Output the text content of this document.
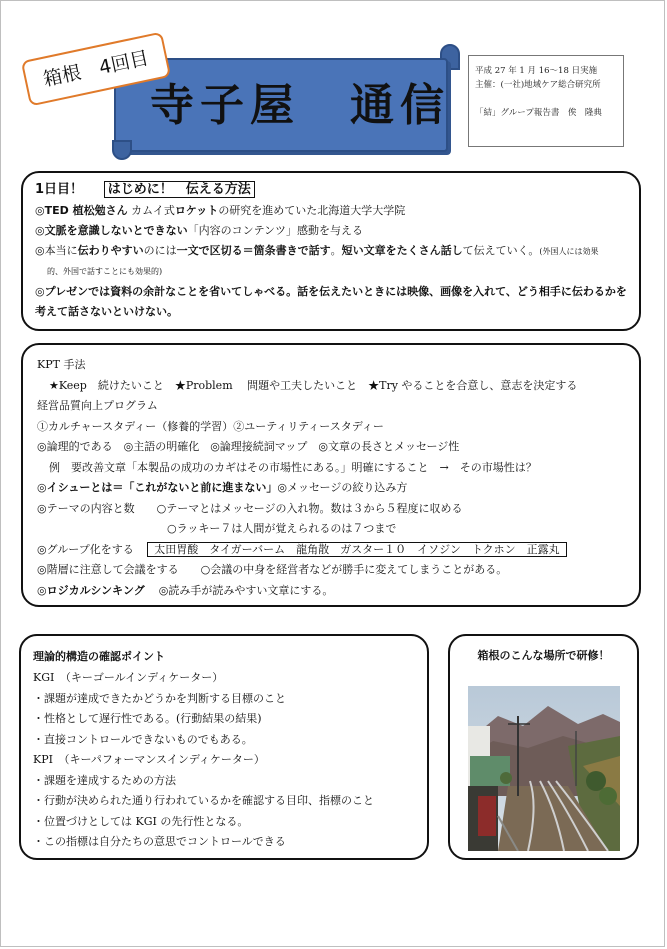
寺子屋　通信
箱根　4回目	平成 27 年 1 月 16～18 日実施
主催：(一社)地域ケア総合研究所

「結」グループ報告書　俟　隆典
1日目！ はじめに！　伝える方法
◎TED 植松勉さん カムイ式ロケットの研究を進めていた北海道大学大学院
◎文脈を意識しないとできない「内容のコンテンツ」感動を与える
◎本当に伝わりやすいのには一文で区切る＝箇条書きで話す。短い文章をたくさん話して伝えていく。(外国人には効果
的、外国で話すことにも効果的)
◎プレゼンでは資料の余計なことを省いてしゃべる。話を伝えたいときには映像、画像を入れて、どう相手に伝わるかを考えて話さないといけない。
KPT 手法
★Keep　続けたいこと　★Problem　 問題や工夫したいこと　★Try やることを合意し、意志を決定する
経営品質向上プログラム
①カルチャースタディー（修養的学習）②ユーティリティースタディー
◎論理的である　◎主語の明確化　◎論理接続詞マップ　◎文章の長さとメッセージ性
例　要改善文章「本製品の成功のカギはその市場性にある。」明確にすること　→　その市場性は？
◎イシューとは＝「これがないと前に進まない」◎メッセージの絞り込み方
◎テーマの内容と数　　○テーマとはメッセージの入れ物。数は３から５程度に収める
○ラッキー７は人間が覚えられるのは７つまで
◎グループ化をする 太田胃酸　タイガーバーム　龍角散　ガスター１０　イソジン　トクホン　正露丸
◎階層に注意して会議をする　　○会議の中身を経営者などが勝手に変えてしまうことがある。
◎ロジカルシンキング ◎読み手が読みやすい文章にする。
理論的構造の確認ポイント
KGI　（キーゴールインディケーター）
・課題が達成できたかどうかを判断する目標のこと
・性格として遅行性である。(行動結果の結果)
・直接コントロールできないものでもある。
KPI　（キーパフォーマンスインディケーター）
・課題を達成するための方法
・行動が決められた通り行われているかを確認する目印、指標のこと
・位置づけとしては KGI の先行性となる。
・この指標は自分たちの意思でコントロールできる
箱根のこんな場所で研修！
